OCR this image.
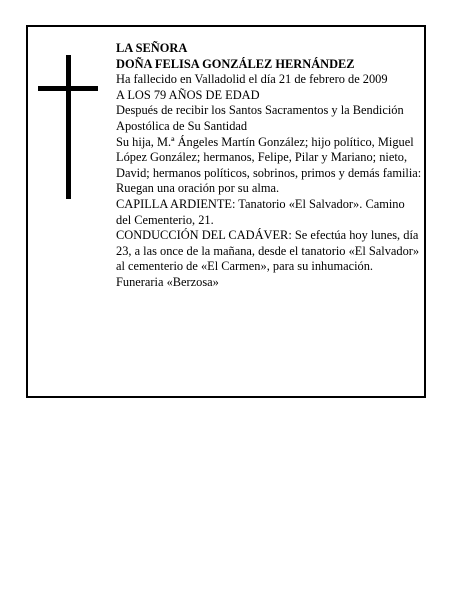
LA SEÑORA

DOÑA FELISA GONZÁLEZ HERNÁNDEZ

Ha fallecido en Valladolid el día 21 de febrero de 2009

A LOS 79 AÑOS DE EDAD

Después de recibir los Santos Sacramentos y la Bendición Apostólica de Su Santidad

Su hija, M.ª Ángeles Martín González; hijo político, Miguel López González; hermanos, Felipe, Pilar y Mariano; nieto, David; hermanos políticos, sobrinos, primos y demás familia:

Ruegan una oración por su alma.

CAPILLA ARDIENTE: Tanatorio «El Salvador». Camino del Cementerio, 21.

CONDUCCIÓN DEL CADÁVER: Se efectúa hoy lunes, día 23, a las once de la mañana, desde el tanatorio «El Salvador» al cementerio de «El Carmen», para su inhumación.

Funeraria «Berzosa»
